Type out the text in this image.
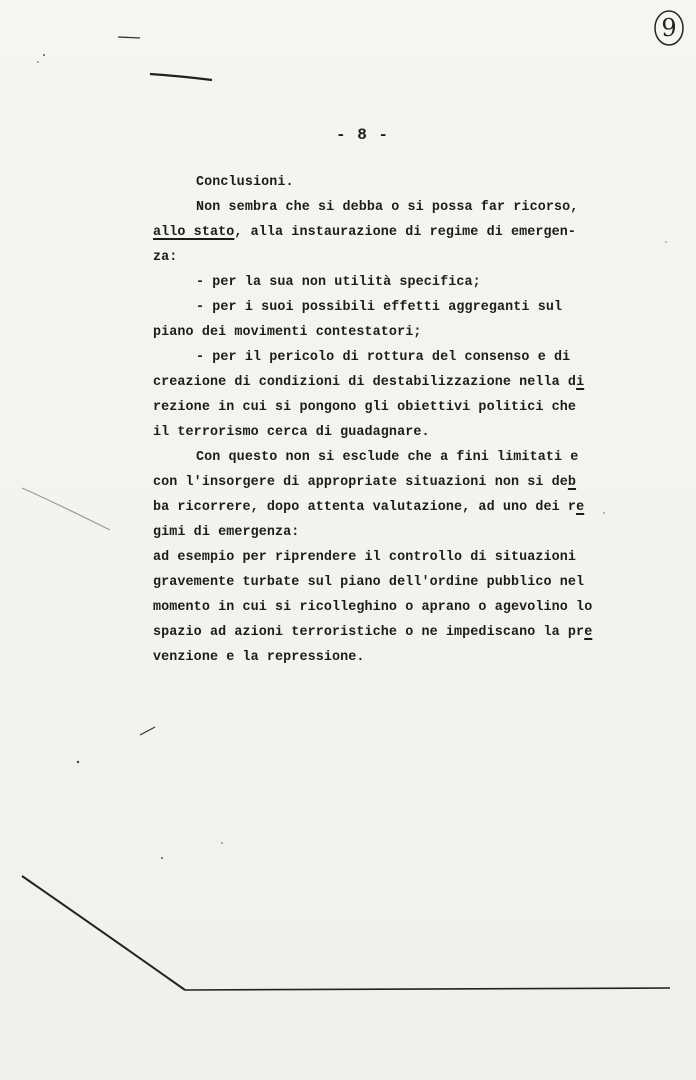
9
- 8 -
Conclusioni.
Non sembra che si debba o si possa far ricorso,
allo stato, alla instaurazione di regime di emergen-
za:
- per la sua non utilità specifica;
- per i suoi possibili effetti aggreganti sul
piano dei movimenti contestatori;
- per il pericolo di rottura del consenso e di
creazione di condizioni di destabilizzazione nella di
rezione in cui si pongono gli obiettivi politici che
il terrorismo cerca di guadagnare.
Con questo non si esclude che a fini limitati e
con l'insorgere di appropriate situazioni non si deb
ba ricorrere, dopo attenta valutazione, ad uno dei re
gimi di emergenza:
ad esempio per riprendere il controllo di situazioni
gravemente turbate sul piano dell'ordine pubblico nel
momento in cui si ricolleghino o aprano o agevolino lo
spazio ad azioni terroristiche o ne impediscano la pre
venzione e la repressione.
